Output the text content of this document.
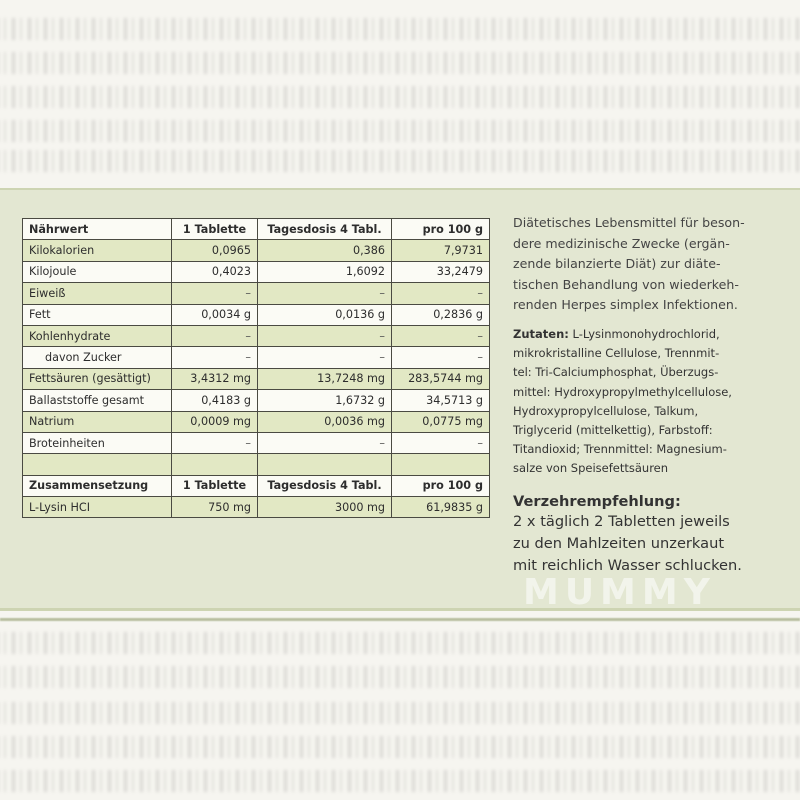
Nährwert	1 Tablette	Tagesdosis 4 Tabl.	pro 100 g
Kilokalorien	0,0965	0,386	7,9731
Kilojoule	0,4023	1,6092	33,2479
Eiweiß	–	–	–
Fett	0,0034 g	0,0136 g	0,2836 g
Kohlenhydrate	–	–	–
davon Zucker	–	–	–
Fettsäuren (gesättigt)	3,4312 mg	13,7248 mg	283,5744 mg
Ballaststoffe gesamt	0,4183 g	1,6732 g	34,5713 g
Natrium	0,0009 mg	0,0036 mg	0,0775 mg
Broteinheiten	–	–	–

Zusammensetzung	1 Tablette	Tagesdosis 4 Tabl.	pro 100 g
L-Lysin HCI	750 mg	3000 mg	61,9835 g

Diätetisches Lebensmittel für beson-
dere medizinische Zwecke (ergän-
zende bilanzierte Diät) zur diäte-
tischen Behandlung von wiederkeh-
renden Herpes simplex Infektionen.

Zutaten: L-Lysinmonohydrochlorid,
mikrokristalline Cellulose, Trennmit-
tel: Tri-Calciumphosphat, Überzugs-
mittel: Hydroxypropylmethylcellulose,
Hydroxypropylcellulose, Talkum,
Triglycerid (mittelkettig), Farbstoff:
Titandioxid; Trennmittel: Magnesium-
salze von Speisefettsäuren
Verzehrempfehlung:
2 x täglich 2 Tabletten jeweils
zu den Mahlzeiten unzerkaut
mit reichlich Wasser schlucken.
MUMMY
